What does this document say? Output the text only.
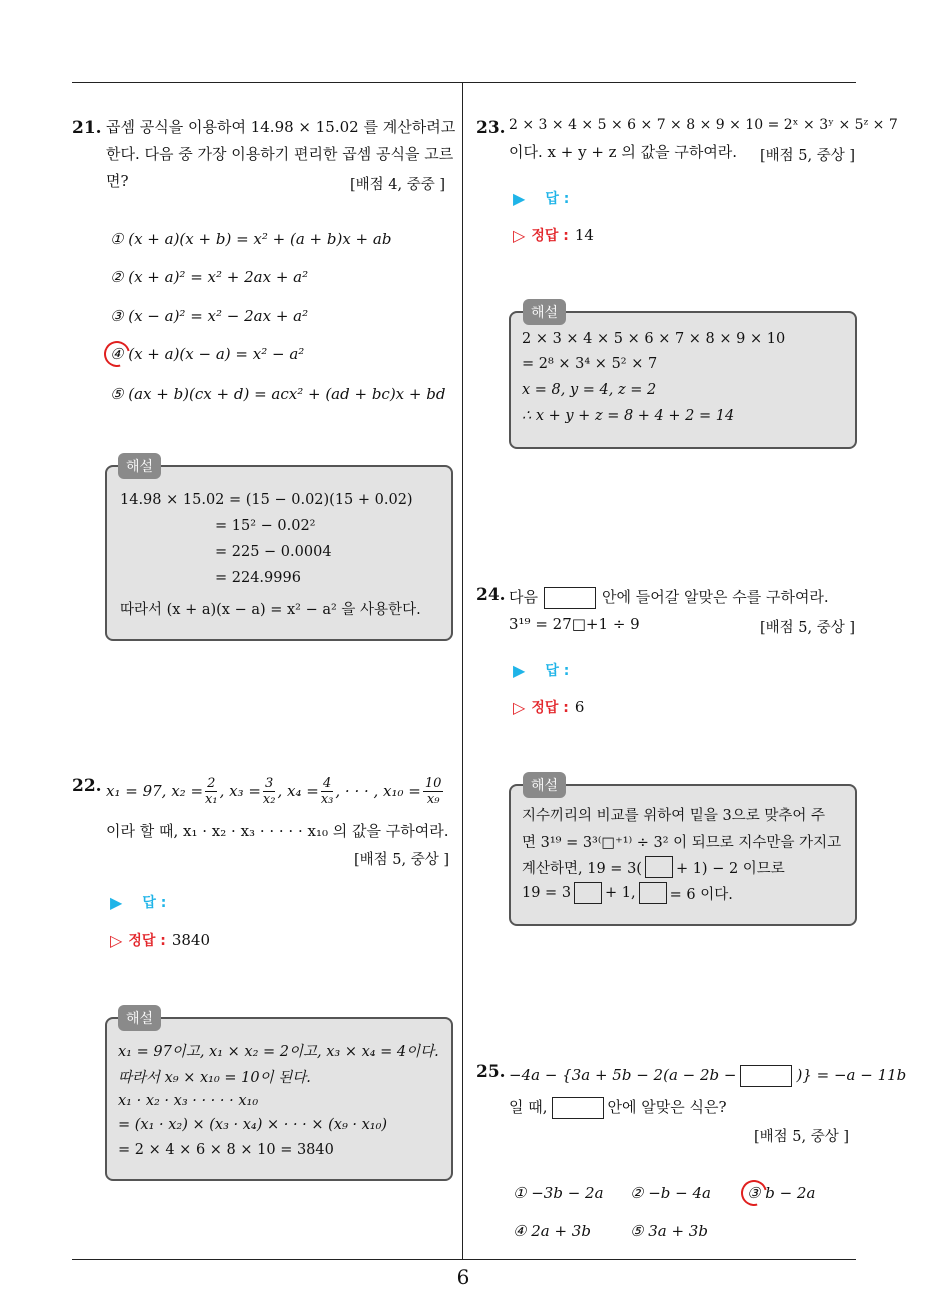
21. 곱셈 공식을 이용하여 14.98 × 15.02 를 계산하려고
한다. 다음 중 가장 이용하기 편리한 곱셈 공식을 고르
면?	[배점 4, 중중 ]
① (x + a)(x + b) = x² + (a + b)x + ab
② (x + a)² = x² + 2ax + a²
③ (x − a)² = x² − 2ax + a²
④ (x + a)(x − a) = x² − a²
⑤ (ax + b)(cx + d) = acx² + (ad + bc)x + bd
해설
14.98 × 15.02 = (15 − 0.02)(15 + 0.02)
= 15² − 0.02²
= 225 − 0.0004
= 224.9996
따라서 (x + a)(x − a) = x² − a² 을 사용한다.
22. x₁ = 97, $x_2 = \frac{2}{\text{x₁}}$ , $x_3 = \frac{3}{\text{x₂}}$ , $x_4 = \frac{4}{\text{x₃}}$ , · · · , $x_{10} = \frac{10}{\text{x₉}}$
이라 할 때, x₁ · x₂ · x₃ · · · · · x₁₀ 의 값을 구하여라.
[배점 5, 중상 ]
▶ 답 :
▷ 정답 : 3840
해설
x₁ = 97이고, x₁ × x₂ = 2이고, x₃ × x₄ = 4이다.
따라서 x₉ × x₁₀ = 10이 된다.
x₁ · x₂ · x₃ · · · · · x₁₀
= (x₁ · x₂) × (x₃ · x₄) × · · · × (x₉ · x₁₀)
= 2 × 4 × 6 × 8 × 10 = 3840
23. 2 × 3 × 4 × 5 × 6 × 7 × 8 × 9 × 10 = 2ˣ × 3ʸ × 5ᶻ × 7
이다. x + y + z 의 값을 구하여라. [배점 5, 중상 ]
▶ 답 :
▷ 정답 : 14
해설
2 × 3 × 4 × 5 × 6 × 7 × 8 × 9 × 10
= 2⁸ × 3⁴ × 5² × 7
x = 8, y = 4, z = 2
∴ x + y + z = 8 + 4 + 2 = 14
24. 다음	안에 들어갈 알맞은 수를 구하여라.
3¹⁹ = 27□+1 ÷ 9	[배점 5, 중상 ]
▶ 답 :
▷ 정답 : 6
해설
지수끼리의 비교를 위하여 밑을 3으로 맞추어 주
면 3¹⁹ = 3³⁽□⁺¹⁾ ÷ 3² 이 되므로 지수만을 가지고
계산하면, 19 = 3( + 1) − 2 이므로
19 = 3 + 1, = 6 이다.
25. −4a − {3a + 5b − 2(a − 2b −	)} = −a − 11b
일 때,	안에 알맞은 식은?
[배점 5, 중상 ]
① −3b − 2a ② −b − 4a ③ b − 2a
④ 2a + 3b	⑤ 3a + 3b
6
